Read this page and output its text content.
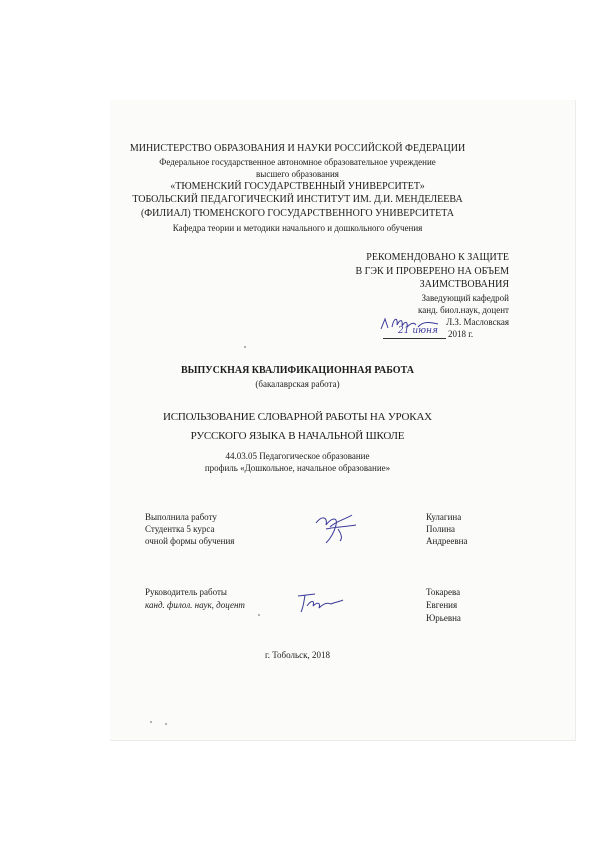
МИНИСТЕРСТВО ОБРАЗОВАНИЯ И НАУКИ РОССИЙСКОЙ ФЕДЕРАЦИИ
Федеральное государственное автономное образовательное учреждение
высшего образования
«ТЮМЕНСКИЙ ГОСУДАРСТВЕННЫЙ УНИВЕРСИТЕТ»
ТОБОЛЬСКИЙ ПЕДАГОГИЧЕСКИЙ ИНСТИТУТ ИМ. Д.И. МЕНДЕЛЕЕВА
(ФИЛИАЛ) ТЮМЕНСКОГО ГОСУДАРСТВЕННОГО УНИВЕРСИТЕТА
Кафедра теории и методики начального и дошкольного обучения
РЕКОМЕНДОВАНО К ЗАЩИТЕ
В ГЭК И ПРОВЕРЕНО НА ОБЪЕМ
ЗАИМСТВОВАНИЯ
Заведующий кафедрой
канд. биол.наук, доцент
Л.З. Масловская
21 июня 2018 г.
ВЫПУСКНАЯ КВАЛИФИКАЦИОННАЯ РАБОТА
(бакалаврская работа)
ИСПОЛЬЗОВАНИЕ СЛОВАРНОЙ РАБОТЫ НА УРОКАХ
РУССКОГО ЯЗЫКА В НАЧАЛЬНОЙ ШКОЛЕ
44.03.05 Педагогическое образование
профиль «Дошкольное, начальное образование»
Выполнила работу
Студентка 5 курса
очной формы обучения
Кулагина
Полина
Андреевна
Руководитель работы
канд. филол. наук, доцент
Токарева
Евгения
Юрьевна
г. Тобольск, 2018
